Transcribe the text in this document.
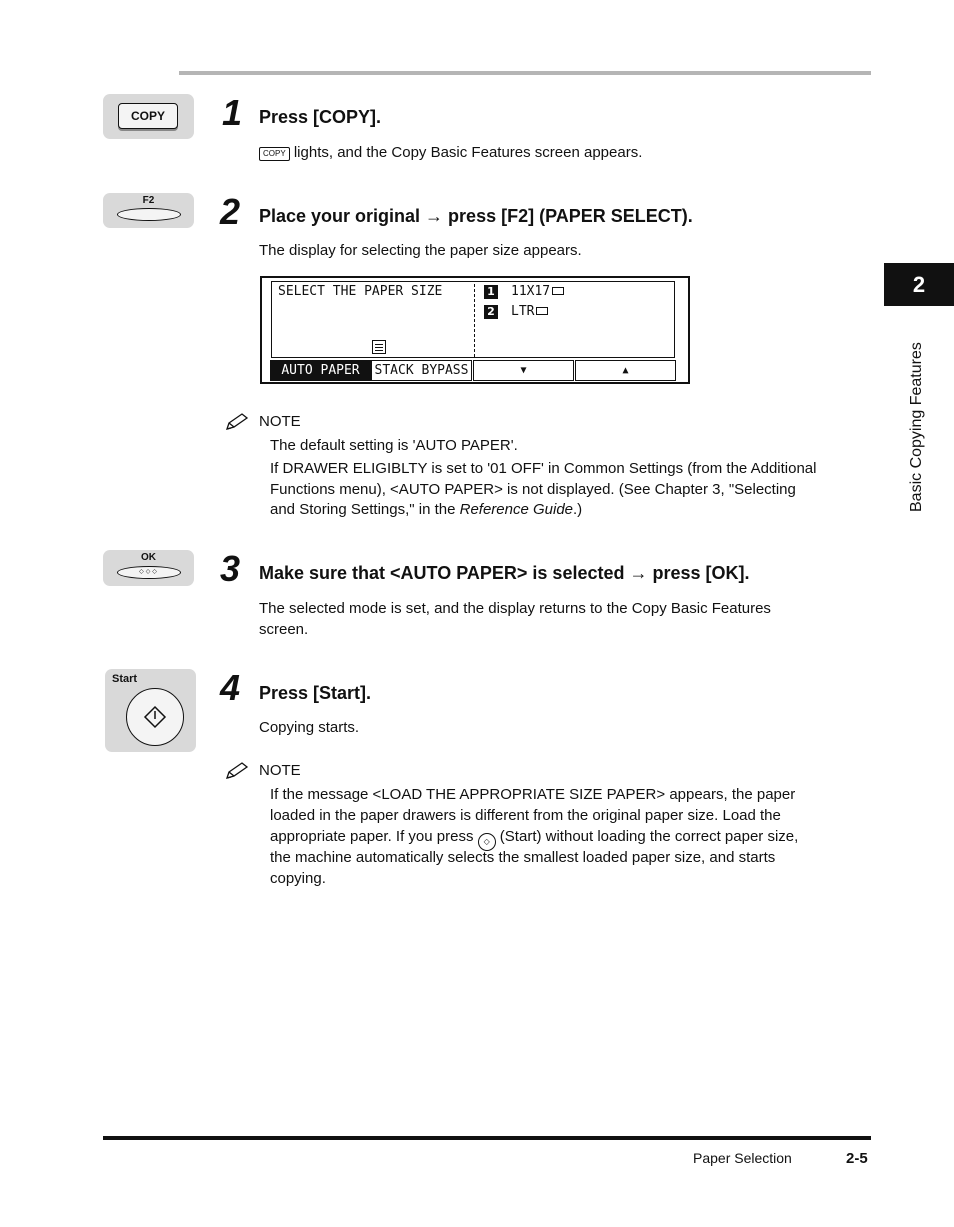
2
Basic Copying Features
COPY	1 Press [COPY].
COPY lights, and the Copy Basic Features screen appears.
F2	2 Place your original → press [F2] (PAPER SELECT).
The display for selecting the paper size appears.
SELECT THE PAPER SIZE	1 11X17
2 LTR
AUTO PAPER	STACK BYPASS	▼	▲
NOTE
The default setting is 'AUTO PAPER'.
If DRAWER ELIGIBLTY is set to '01 OFF' in Common Settings (from the Additional
Functions menu), <AUTO PAPER> is not displayed. (See Chapter 3, "Selecting
and Storing Settings," in the Reference Guide.)
OK
◇◇◇	3 Make sure that <AUTO PAPER> is selected → press [OK].
The selected mode is set, and the display returns to the Copy Basic Features
screen.
Start 4 Press [Start].
Copying starts.
NOTE
If the message <LOAD THE APPROPRIATE SIZE PAPER> appears, the paper
loaded in the paper drawers is different from the original paper size. Load the
appropriate paper. If you press ◇ (Start) without loading the correct paper size,
the machine automatically selects the smallest loaded paper size, and starts
copying.
Paper Selection	2-5
